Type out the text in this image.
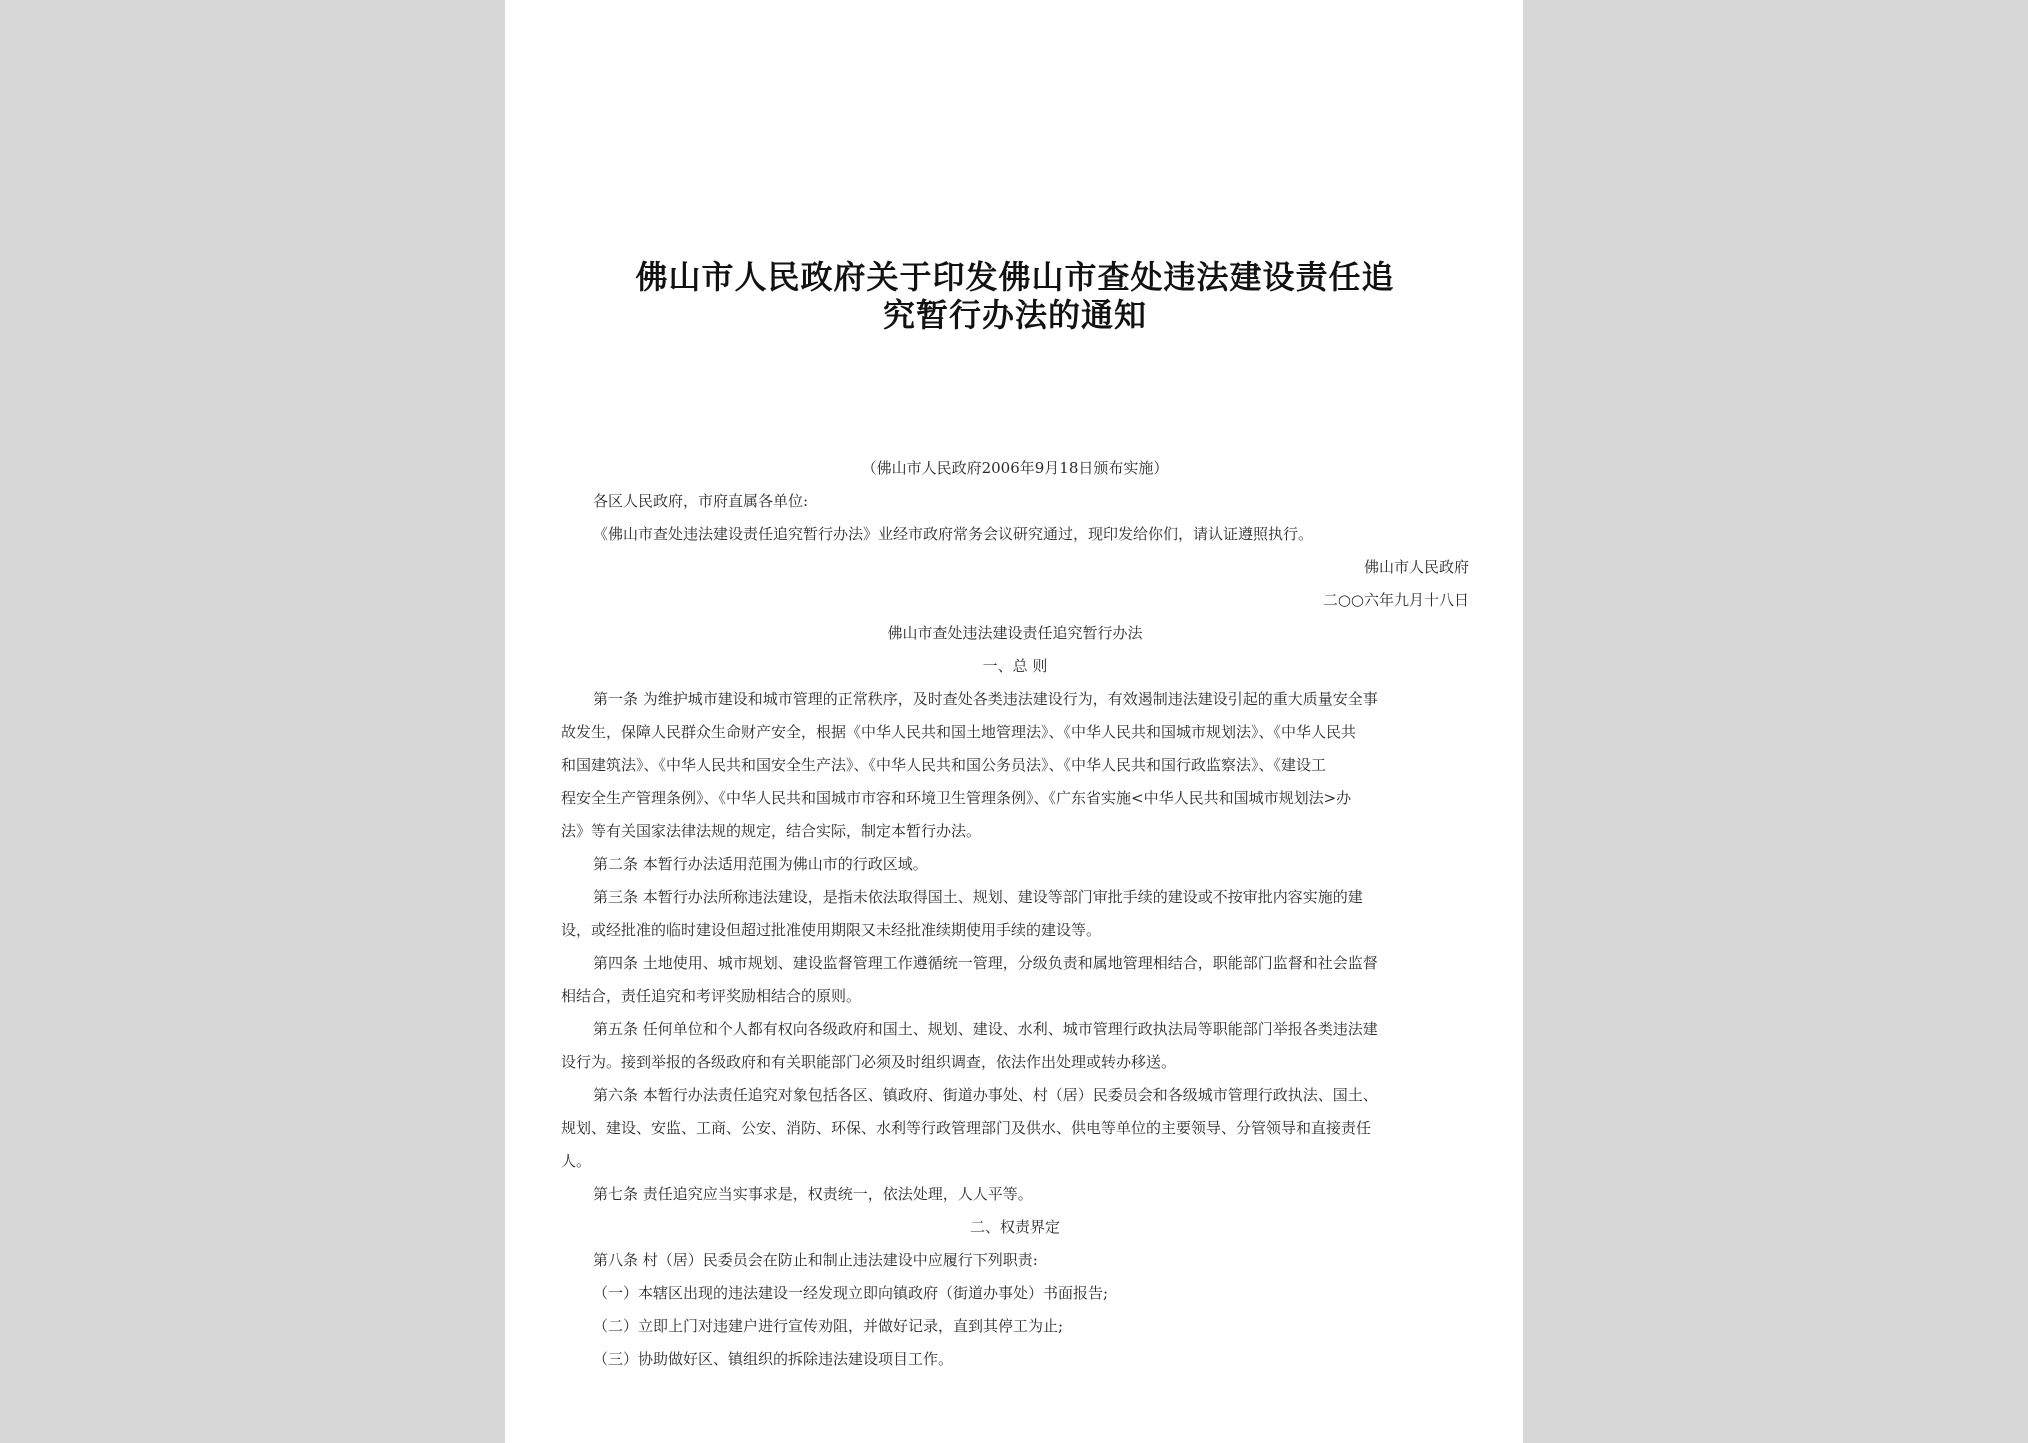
佛山市人民政府关于印发佛山市查处违法建设责任追
究暂行办法的通知
（佛山市人民政府2006年9月18日颁布实施）
各区人民政府，市府直属各单位:
《佛山市查处违法建设责任追究暂行办法》业经市政府常务会议研究通过，现印发给你们，请认证遵照执行。
佛山市人民政府
二○○六年九月十八日
佛山市查处违法建设责任追究暂行办法
一、总 则
第一条 为维护城市建设和城市管理的正常秩序，及时查处各类违法建设行为，有效遏制违法建设引起的重大质量安全事
故发生，保障人民群众生命财产安全，根据《中华人民共和国土地管理法》、《中华人民共和国城市规划法》、《中华人民共
和国建筑法》、《中华人民共和国安全生产法》、《中华人民共和国公务员法》、《中华人民共和国行政监察法》、《建设工
程安全生产管理条例》、《中华人民共和国城市市容和环境卫生管理条例》、《广东省实施<中华人民共和国城市规划法>办
法》等有关国家法律法规的规定，结合实际，制定本暂行办法。
第二条 本暂行办法适用范围为佛山市的行政区域。
第三条 本暂行办法所称违法建设，是指未依法取得国土、规划、建设等部门审批手续的建设或不按审批内容实施的建
设，或经批准的临时建设但超过批准使用期限又未经批准续期使用手续的建设等。
第四条 土地使用、城市规划、建设监督管理工作遵循统一管理，分级负责和属地管理相结合，职能部门监督和社会监督
相结合，责任追究和考评奖励相结合的原则。
第五条 任何单位和个人都有权向各级政府和国土、规划、建设、水利、城市管理行政执法局等职能部门举报各类违法建
设行为。接到举报的各级政府和有关职能部门必须及时组织调查，依法作出处理或转办移送。
第六条 本暂行办法责任追究对象包括各区、镇政府、街道办事处、村（居）民委员会和各级城市管理行政执法、国土、
规划、建设、安监、工商、公安、消防、环保、水利等行政管理部门及供水、供电等单位的主要领导、分管领导和直接责任
人。
第七条 责任追究应当实事求是，权责统一，依法处理，人人平等。
二、权责界定
第八条 村（居）民委员会在防止和制止违法建设中应履行下列职责:
（一）本辖区出现的违法建设一经发现立即向镇政府（街道办事处）书面报告;
（二）立即上门对违建户进行宣传劝阻，并做好记录，直到其停工为止;
（三）协助做好区、镇组织的拆除违法建设项目工作。
